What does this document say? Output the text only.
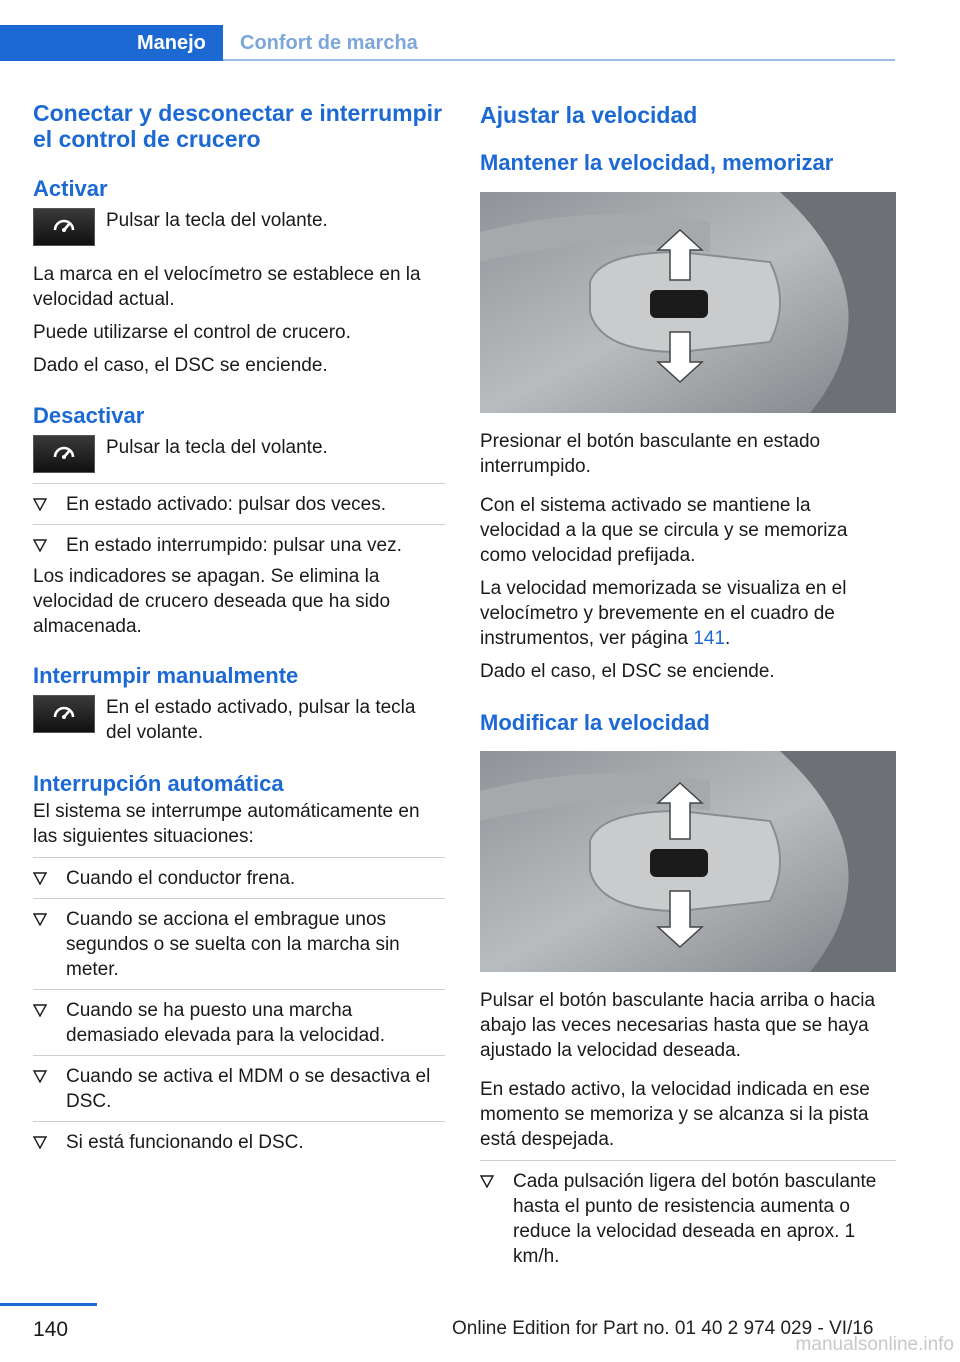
Manejo	Confort de marcha
Conectar y desconectar e interrumpir el control de crucero
Activar
Pulsar la tecla del volante.

La marca en el velocímetro se establece en la velocidad actual.

Puede utilizarse el control de crucero.

Dado el caso, el DSC se enciende.

Desactivar
Pulsar la tecla del volante.
En estado activado: pulsar dos veces.
En estado interrumpido: pulsar una vez.

Los indicadores se apagan. Se elimina la velocidad de crucero deseada que ha sido almacenada.

Interrumpir manualmente
En el estado activado, pulsar la tecla del volante.
Interrupción automática

El sistema se interrumpe automáticamente en las siguientes situaciones:

Cuando el conductor frena.
Cuando se acciona el embrague unos segundos o se suelta con la marcha sin meter.
Cuando se ha puesto una marcha demasiado elevada para la velocidad.
Cuando se activa el MDM o se desactiva el DSC.
Si está funcionando el DSC.
Ajustar la velocidad
Mantener la velocidad, memorizar

Presionar el botón basculante en estado interrumpido.

Con el sistema activado se mantiene la velocidad a la que se circula y se memoriza como velocidad prefijada.

La velocidad memorizada se visualiza en el velocímetro y brevemente en el cuadro de instrumentos, ver página 141.

Dado el caso, el DSC se enciende.

Modificar la velocidad

Pulsar el botón basculante hacia arriba o hacia abajo las veces necesarias hasta que se haya ajustado la velocidad deseada.

En estado activo, la velocidad indicada en ese momento se memoriza y se alcanza si la pista está despejada.

Cada pulsación ligera del botón basculante hasta el punto de resistencia aumenta o reduce la velocidad deseada en aprox. 1 km/h.
140	Online Edition for Part no. 01 40 2 974 029 - VI/16
manualsonline.info
